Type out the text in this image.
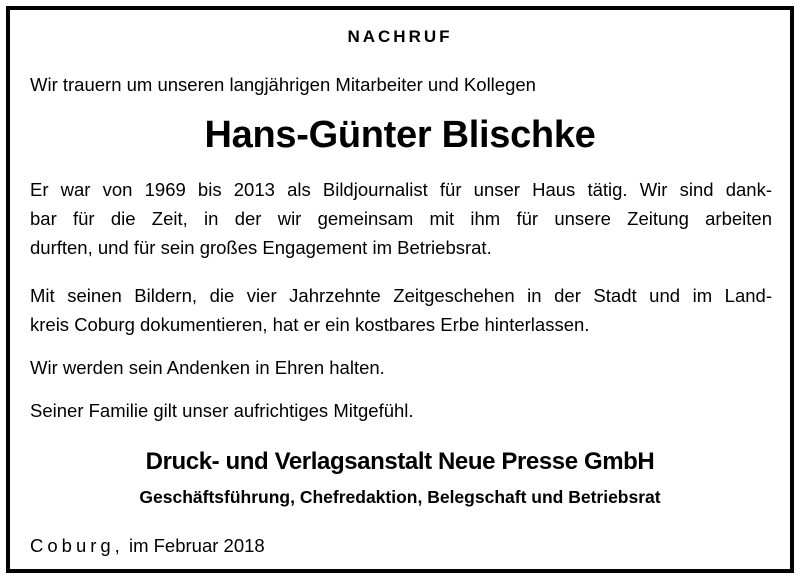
NACHRUF
Wir trauern um unseren langjährigen Mitarbeiter und Kollegen
Hans-Günter Blischke
Er war von 1969 bis 2013 als Bildjournalist für unser Haus tätig. Wir sind dank-
bar für die Zeit, in der wir gemeinsam mit ihm für unsere Zeitung arbeiten
durften, und für sein großes Engagement im Betriebsrat.
Mit seinen Bildern, die vier Jahrzehnte Zeitgeschehen in der Stadt und im Land-
kreis Coburg dokumentieren, hat er ein kostbares Erbe hinterlassen.
Wir werden sein Andenken in Ehren halten.
Seiner Familie gilt unser aufrichtiges Mitgefühl.
Druck- und Verlagsanstalt Neue Presse GmbH
Geschäftsführung, Chefredaktion, Belegschaft und Betriebsrat
Coburg, im Februar 2018
